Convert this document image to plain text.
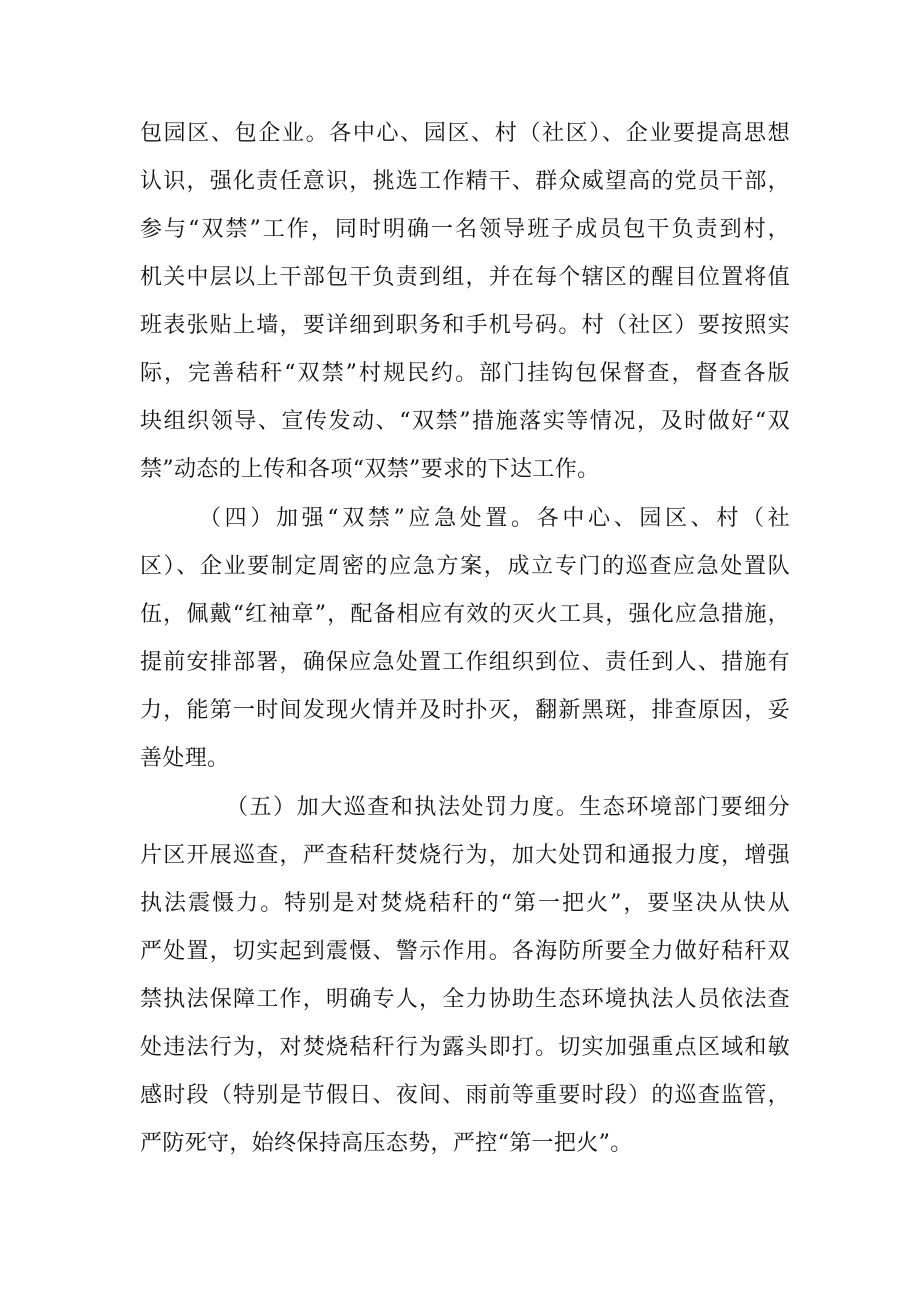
包园区、包企业。各中心、园区、村（社区）、企业要提高思想
认识，强化责任意识，挑选工作精干、群众威望高的党员干部，
参与“双禁”工作，同时明确一名领导班子成员包干负责到村，
机关中层以上干部包干负责到组，并在每个辖区的醒目位置将值
班表张贴上墙，要详细到职务和手机号码。村（社区）要按照实
际，完善秸秆“双禁”村规民约。部门挂钩包保督查，督查各版
块组织领导、宣传发动、“双禁”措施落实等情况，及时做好“双
禁”动态的上传和各项“双禁”要求的下达工作。
（四）加强“双禁”应急处置。各中心、园区、村（社
区）、企业要制定周密的应急方案，成立专门的巡查应急处置队
伍，佩戴“红袖章”，配备相应有效的灭火工具，强化应急措施，
提前安排部署，确保应急处置工作组织到位、责任到人、措施有
力，能第一时间发现火情并及时扑灭，翻新黑斑，排查原因，妥
善处理。
（五）加大巡查和执法处罚力度。生态环境部门要细分
片区开展巡查，严查秸秆焚烧行为，加大处罚和通报力度，增强
执法震慑力。特别是对焚烧秸秆的“第一把火”，要坚决从快从
严处置，切实起到震慑、警示作用。各海防所要全力做好秸秆双
禁执法保障工作，明确专人，全力协助生态环境执法人员依法查
处违法行为，对焚烧秸秆行为露头即打。切实加强重点区域和敏
感时段（特别是节假日、夜间、雨前等重要时段）的巡查监管，
严防死守，始终保持高压态势，严控“第一把火”。
